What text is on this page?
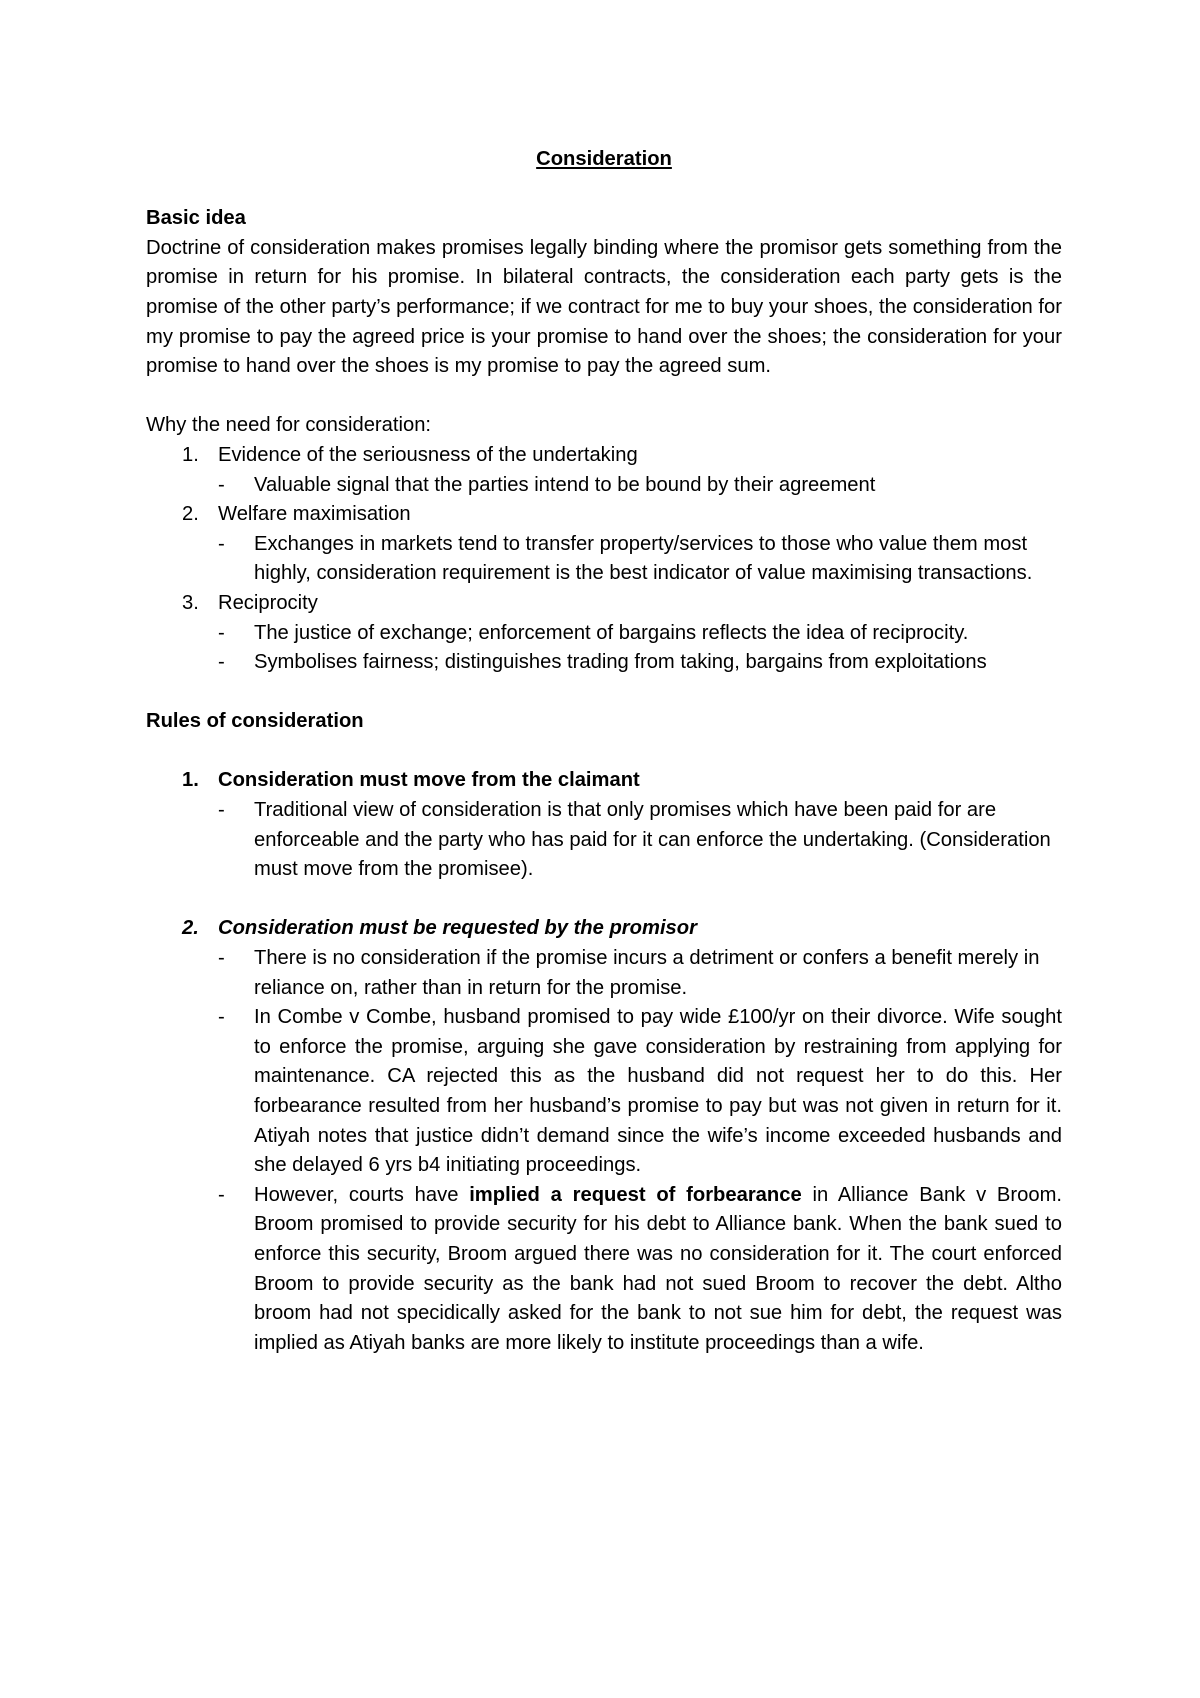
Consideration

Basic idea

Doctrine of consideration makes promises legally binding where the promisor gets something from the promise in return for his promise. In bilateral contracts, the consideration each party gets is the promise of the other party’s performance; if we contract for me to buy your shoes, the consideration for my promise to pay the agreed price is your promise to hand over the shoes; the consideration for your promise to hand over the shoes is my promise to pay the agreed sum.

Why the need for consideration:

1. Evidence of the seriousness of the undertaking
- Valuable signal that the parties intend to be bound by their agreement
2. Welfare maximisation
- Exchanges in markets tend to transfer property/services to those who value them most highly, consideration requirement is the best indicator of value maximising transactions.
3. Reciprocity
- The justice of exchange; enforcement of bargains reflects the idea of reciprocity.
- Symbolises fairness; distinguishes trading from taking, bargains from exploitations

Rules of consideration

1. Consideration must move from the claimant
- Traditional view of consideration is that only promises which have been paid for are enforceable and the party who has paid for it can enforce the undertaking. (Consideration must move from the promisee).
2. Consideration must be requested by the promisor
- There is no consideration if the promise incurs a detriment or confers a benefit merely in reliance on, rather than in return for the promise.
- In Combe v Combe, husband promised to pay wide £100/yr on their divorce. Wife sought to enforce the promise, arguing she gave consideration by restraining from applying for maintenance. CA rejected this as the husband did not request her to do this. Her forbearance resulted from her husband’s promise to pay but was not given in return for it. Atiyah notes that justice didn’t demand since the wife’s income exceeded husbands and she delayed 6 yrs b4 initiating proceedings.
- However, courts have implied a request of forbearance in Alliance Bank v Broom. Broom promised to provide security for his debt to Alliance bank. When the bank sued to enforce this security, Broom argued there was no consideration for it. The court enforced Broom to provide security as the bank had not sued Broom to recover the debt. Altho broom had not specidically asked for the bank to not sue him for debt, the request was implied as Atiyah banks are more likely to institute proceedings than a wife.
